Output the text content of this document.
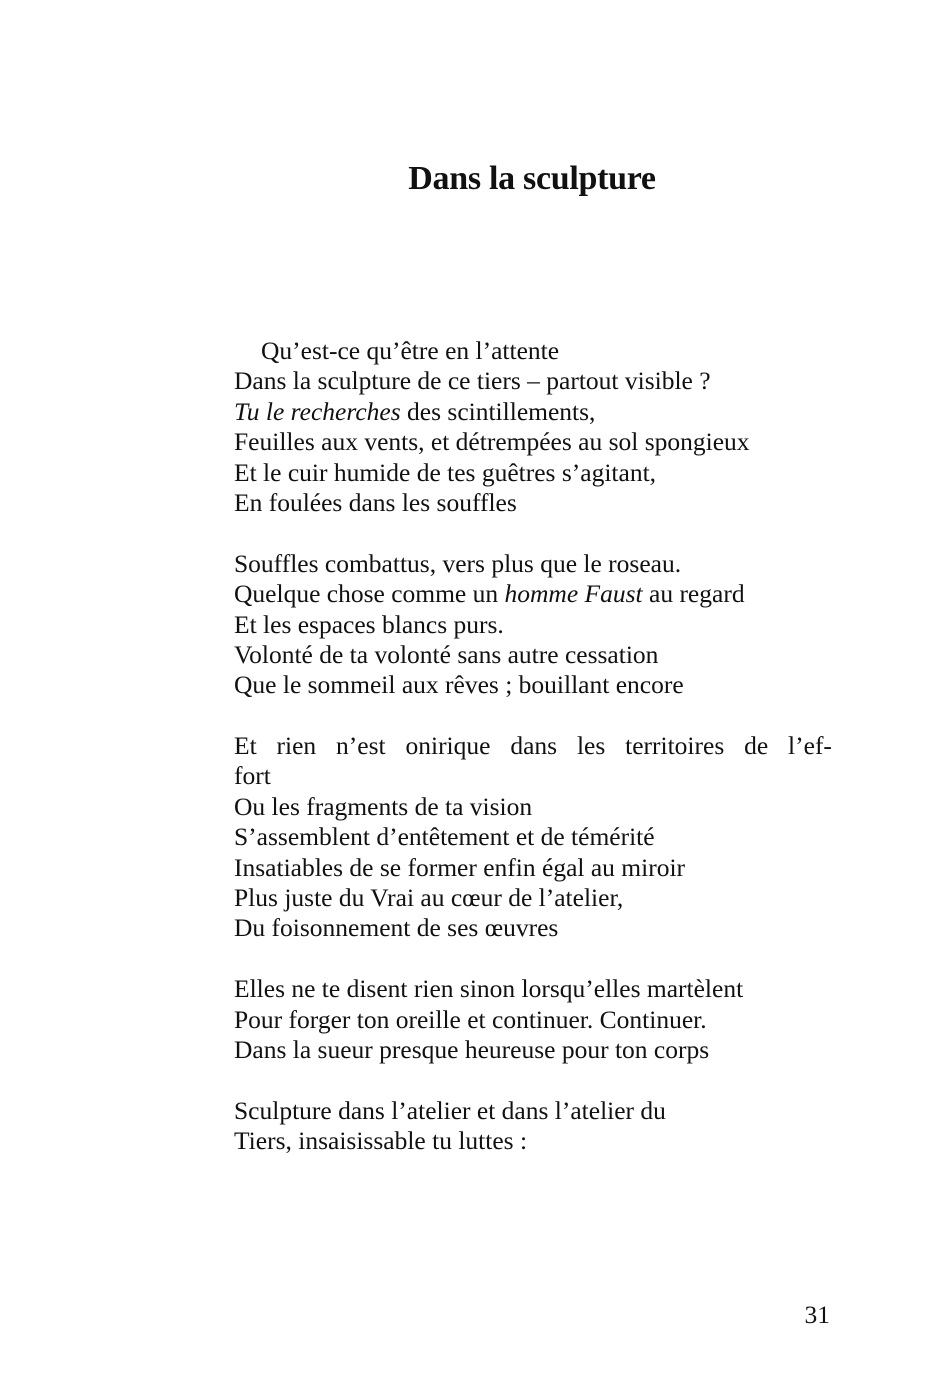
Dans la sculpture
Qu’est-ce qu’être en l’attente
Dans la sculpture de ce tiers – partout visible ?
Tu le recherches des scintillements,
Feuilles aux vents, et détrempées au sol spongieux
Et le cuir humide de tes guêtres s’agitant,
En foulées dans les souffles
Souffles combattus, vers plus que le roseau.
Quelque chose comme un homme Faust au regard
Et les espaces blancs purs.
Volonté de ta volonté sans autre cessation
Que le sommeil aux rêves ; bouillant encore
Et rien n’est onirique dans les territoires de l’ef-
fort
Ou les fragments de ta vision
S’assemblent d’entêtement et de témérité
Insatiables de se former enfin égal au miroir
Plus juste du Vrai au cœur de l’atelier,
Du foisonnement de ses œuvres
Elles ne te disent rien sinon lorsqu’elles martèlent
Pour forger ton oreille et continuer. Continuer.
Dans la sueur presque heureuse pour ton corps
Sculpture dans l’atelier et dans l’atelier du
Tiers, insaisissable tu luttes :
31
